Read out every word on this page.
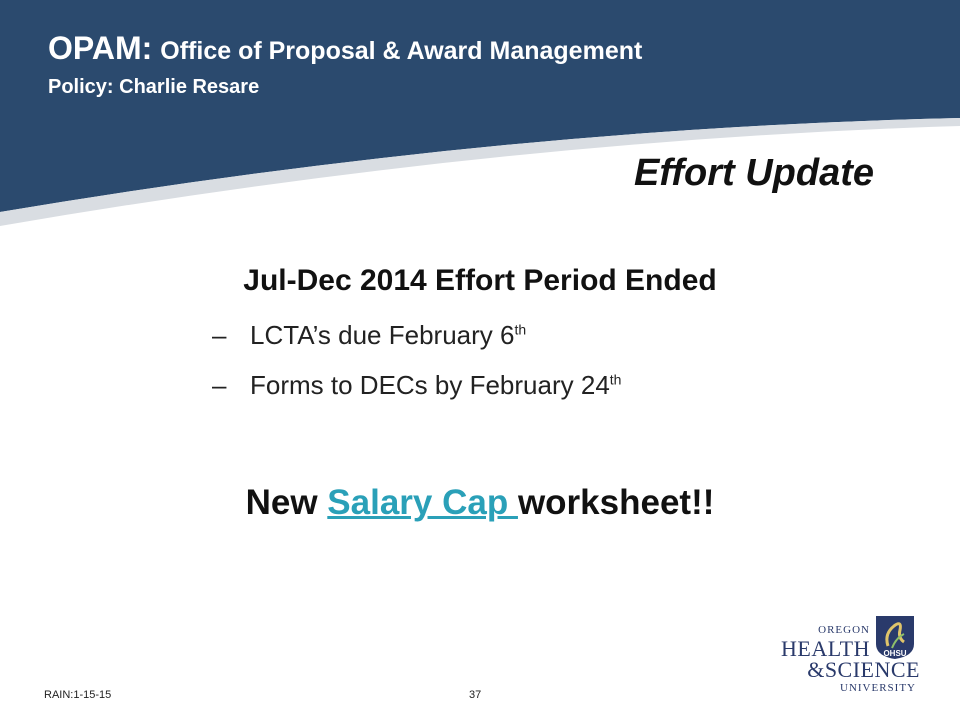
OPAM: Office of Proposal & Award Management
Policy: Charlie Resare
Effort Update
Jul-Dec 2014 Effort Period Ended
– LCTA’s due February 6th
– Forms to DECs by February 24th
New Salary Cap worksheet!!
RAIN:1-15-15	37
OHSU
OREGON
HEALTH
&SCIENCE
UNIVERSITY
